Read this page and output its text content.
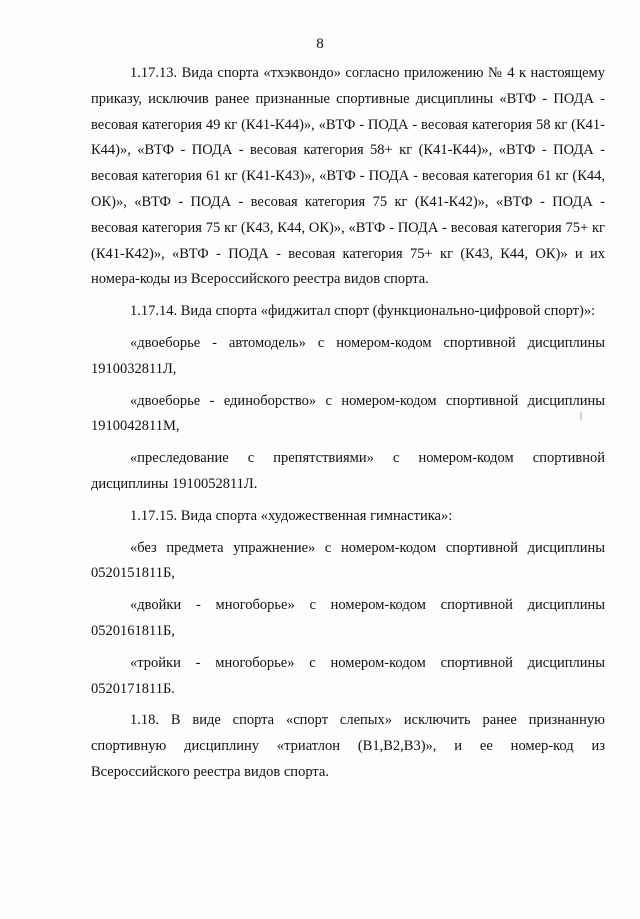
8

1.17.13. Вида спорта «тхэквондо» согласно приложению № 4 к настоящему приказу, исключив ранее признанные спортивные дисциплины «ВТФ - ПОДА - весовая категория 49 кг (К41-К44)», «ВТФ - ПОДА - весовая категория 58 кг (К41-К44)», «ВТФ - ПОДА - весовая категория 58+ кг (К41-К44)», «ВТФ - ПОДА - весовая категория 61 кг (К41-К43)», «ВТФ - ПОДА - весовая категория 61 кг (К44, ОК)», «ВТФ - ПОДА - весовая категория 75 кг (К41-К42)», «ВТФ - ПОДА - весовая категория 75 кг (К43, К44, ОК)», «ВТФ - ПОДА - весовая категория 75+ кг (К41-К42)», «ВТФ - ПОДА - весовая категория 75+ кг (К43, К44, ОК)» и их номера-коды из Всероссийского реестра видов спорта.

1.17.14. Вида спорта «фиджитал спорт (функционально-цифровой спорт)»:

«двоеборье - автомодель» с номером-кодом спортивной дисциплины 1910032811Л,

«двоеборье - единоборство» с номером-кодом спортивной дисциплины 1910042811М,

«преследование с препятствиями» с номером-кодом спортивной дисциплины 1910052811Л.

1.17.15. Вида спорта «художественная гимнастика»:

«без предмета упражнение» с номером-кодом спортивной дисциплины 0520151811Б,

«двойки - многоборье» с номером-кодом спортивной дисциплины 0520161811Б,

«тройки - многоборье» с номером-кодом спортивной дисциплины 0520171811Б.

1.18. В виде спорта «спорт слепых» исключить ранее признанную спортивную дисциплину «триатлон (В1,В2,В3)», и ее номер-код из Всероссийского реестра видов спорта.
